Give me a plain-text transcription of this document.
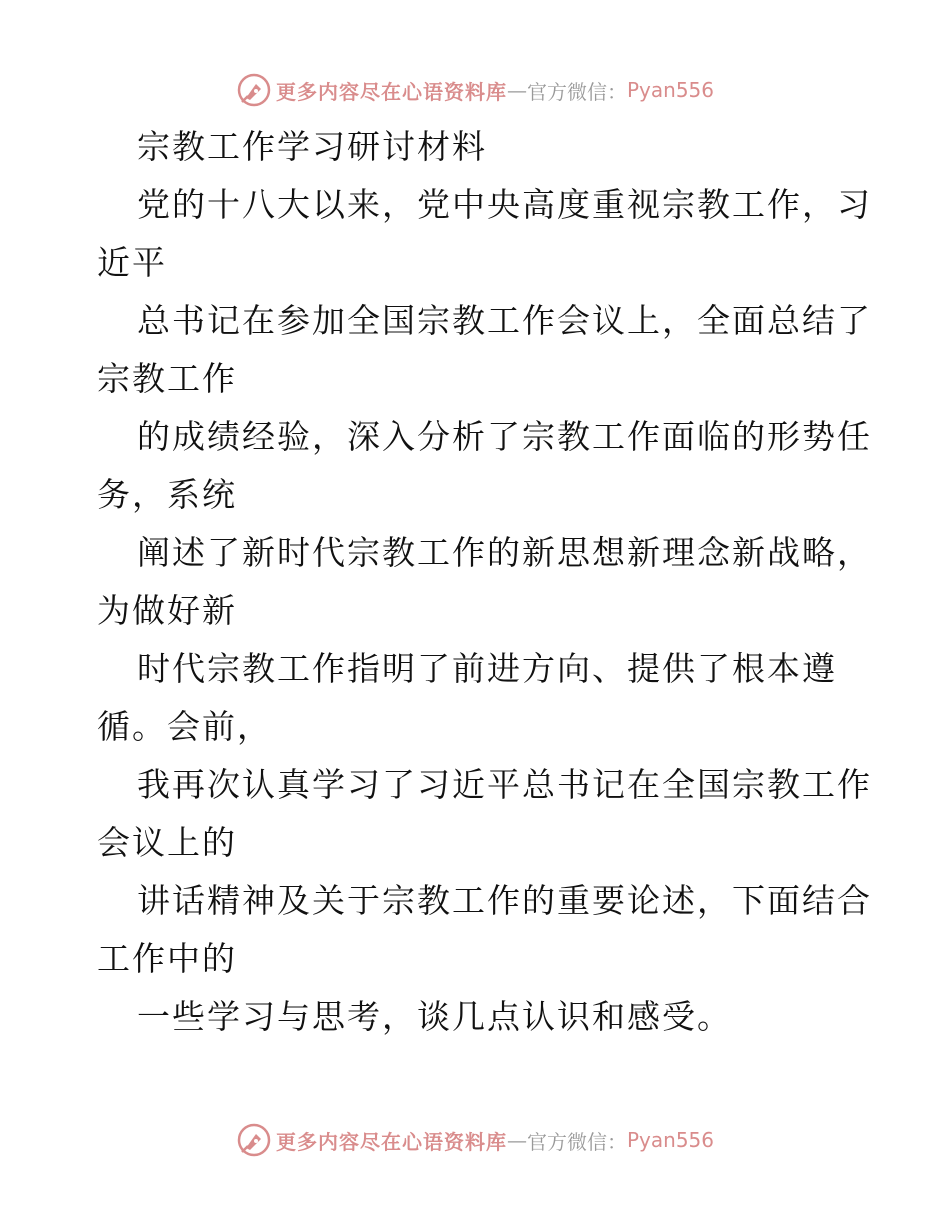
更多内容尽在心语资料库 — 官方微信： Pyan556
宗教工作学习研讨材料
党的十八大以来，党中央高度重视宗教工作，习
近平
总书记在参加全国宗教工作会议上，全面总结了
宗教工作
的成绩经验，深入分析了宗教工作面临的形势任
务，系统
阐述了新时代宗教工作的新思想新理念新战略，
为做好新
时代宗教工作指明了前进方向、提供了根本遵
循。会前，
我再次认真学习了习近平总书记在全国宗教工作
会议上的
讲话精神及关于宗教工作的重要论述，下面结合
工作中的
一些学习与思考，谈几点认识和感受。
更多内容尽在心语资料库 — 官方微信： Pyan556
